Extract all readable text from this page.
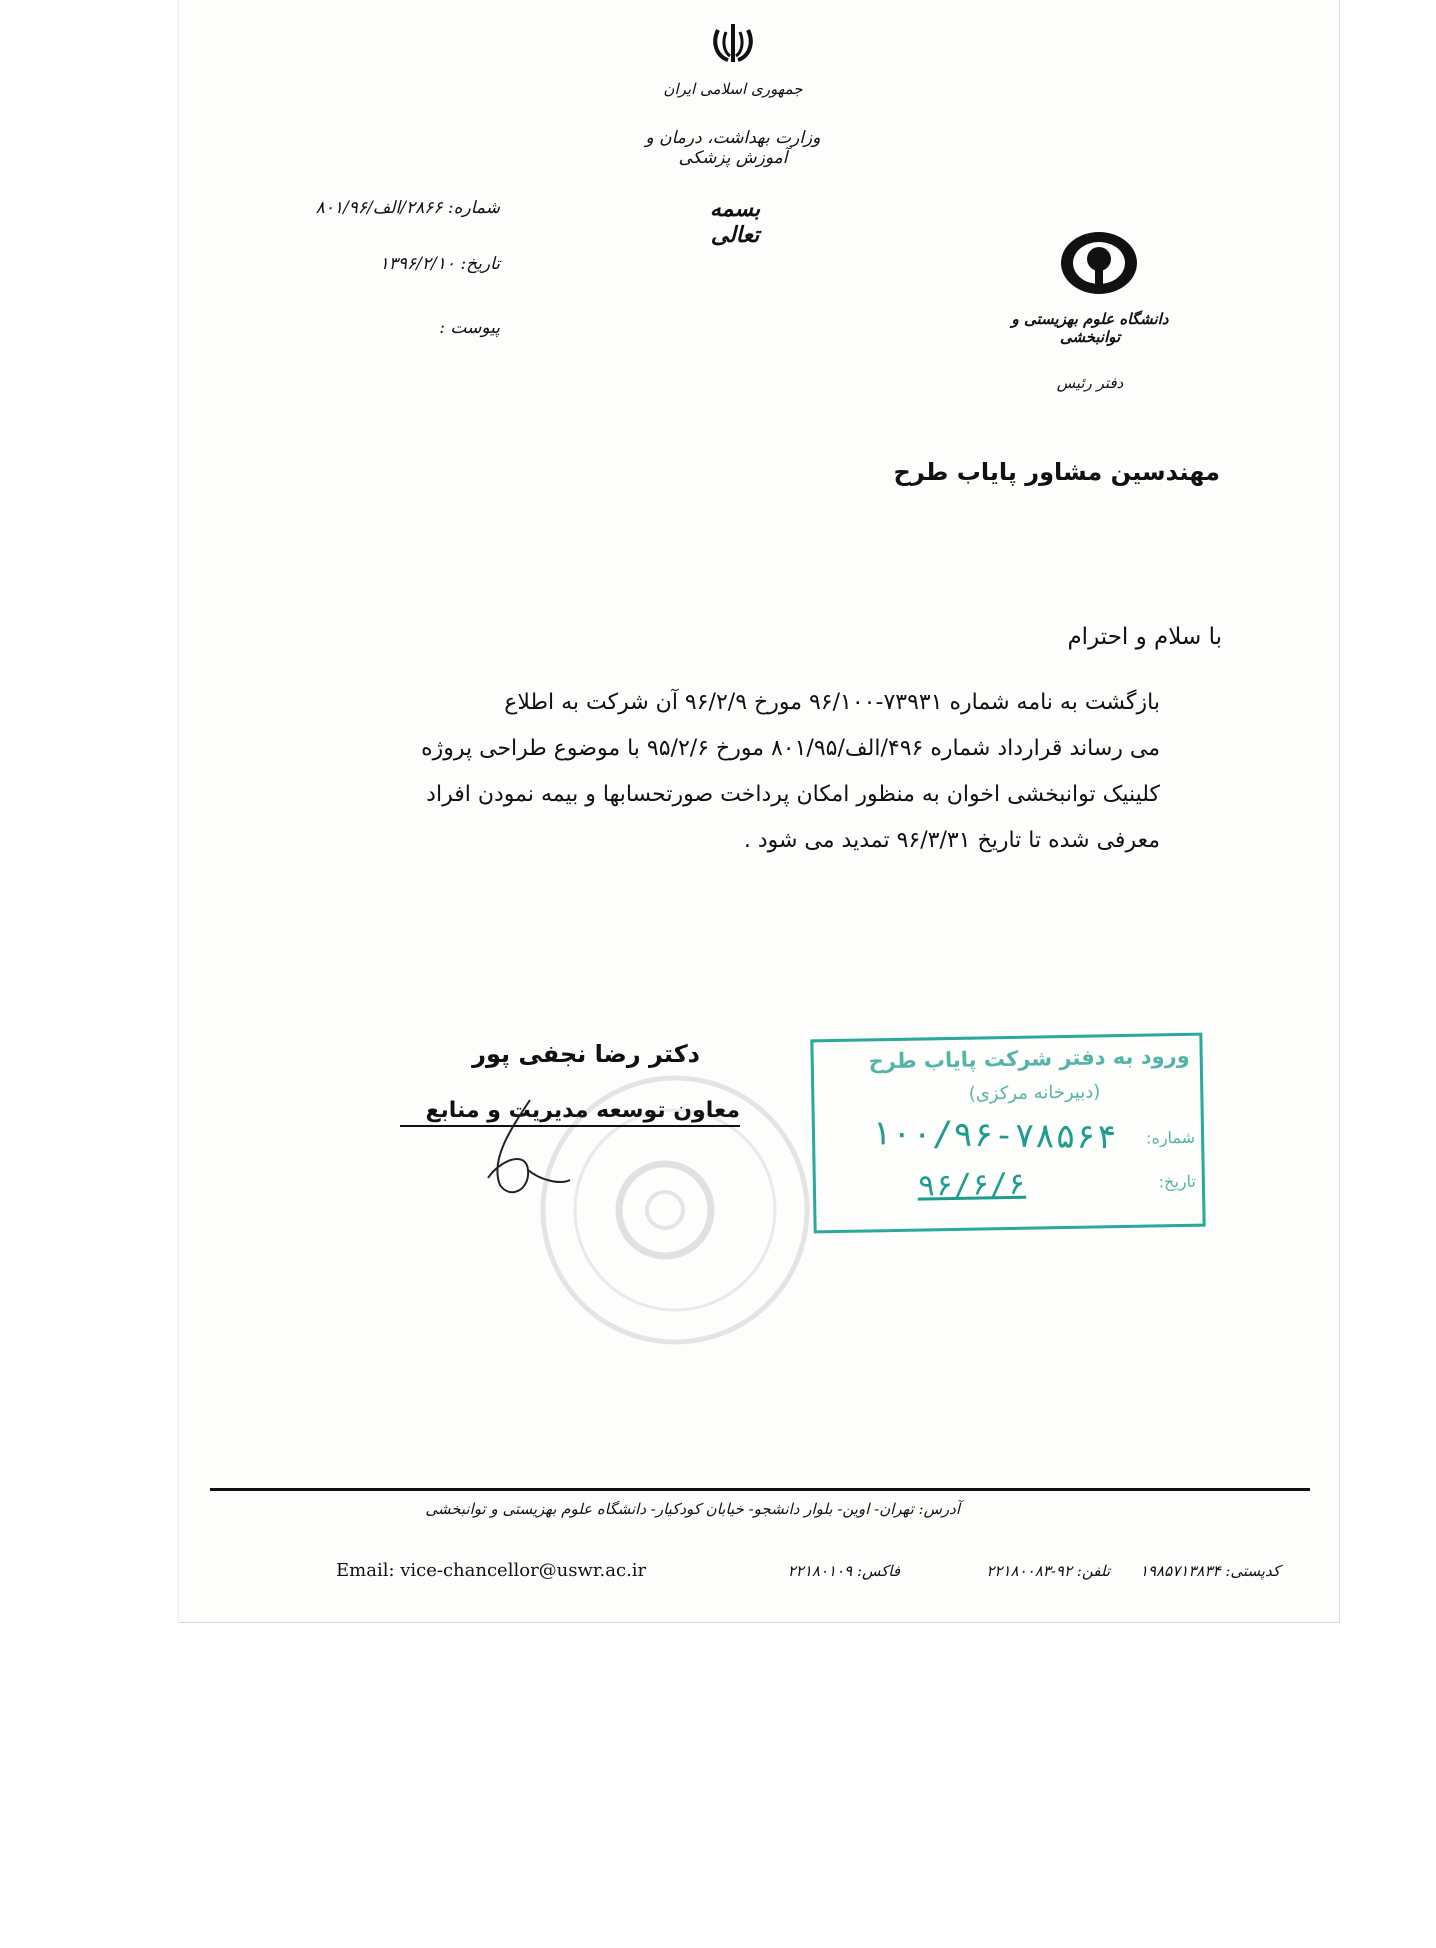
جمهوری اسلامی ایران
وزارت بهداشت، درمان و آموزش پزشکی
بسمه تعالی
شماره: ۲۸۶۶/الف/۸۰۱/۹۶
تاریخ: ۱۳۹۶/۲/۱۰
پیوست :	دانشگاه علوم بهزیستی و توانبخشی
دفتر رئیس
مهندسین مشاور پایاب طرح
با سلام و احترام
بازگشت به نامه شماره ۷۳۹۳۱-۹۶/۱۰۰ مورخ ۹۶/۲/۹ آن شرکت به اطلاع
می رساند قرارداد شماره ۴۹۶/الف/۸۰۱/۹۵ مورخ ۹۵/۲/۶ با موضوع طراحی پروژه
کلینیک توانبخشی اخوان به منظور امکان پرداخت صورتحسابها و بیمه نمودن افراد
معرفی شده تا تاریخ ۹۶/۳/۳۱ تمدید می شود .
دکتر رضا نجفی پور
معاون توسعه مدیریت و منابع
ورود به دفتر شرکت پایاب طرح
(دبیرخانه مرکزی)
شماره:
۱۰۰/۹۶-۷۸۵۶۴
تاریخ:
۹۶/۶/۶
آدرس: تهران- اوین- بلوار دانشجو- خیابان کودکیار- دانشگاه علوم بهزیستی و توانبخشی
Email: vice-chancellor@uswr.ac.ir	فاکس: ۲۲۱۸۰۱۰۹	تلفن: ۹۲-۲۲۱۸۰۰۸۳	کدپستی: ۱۹۸۵۷۱۳۸۳۴
